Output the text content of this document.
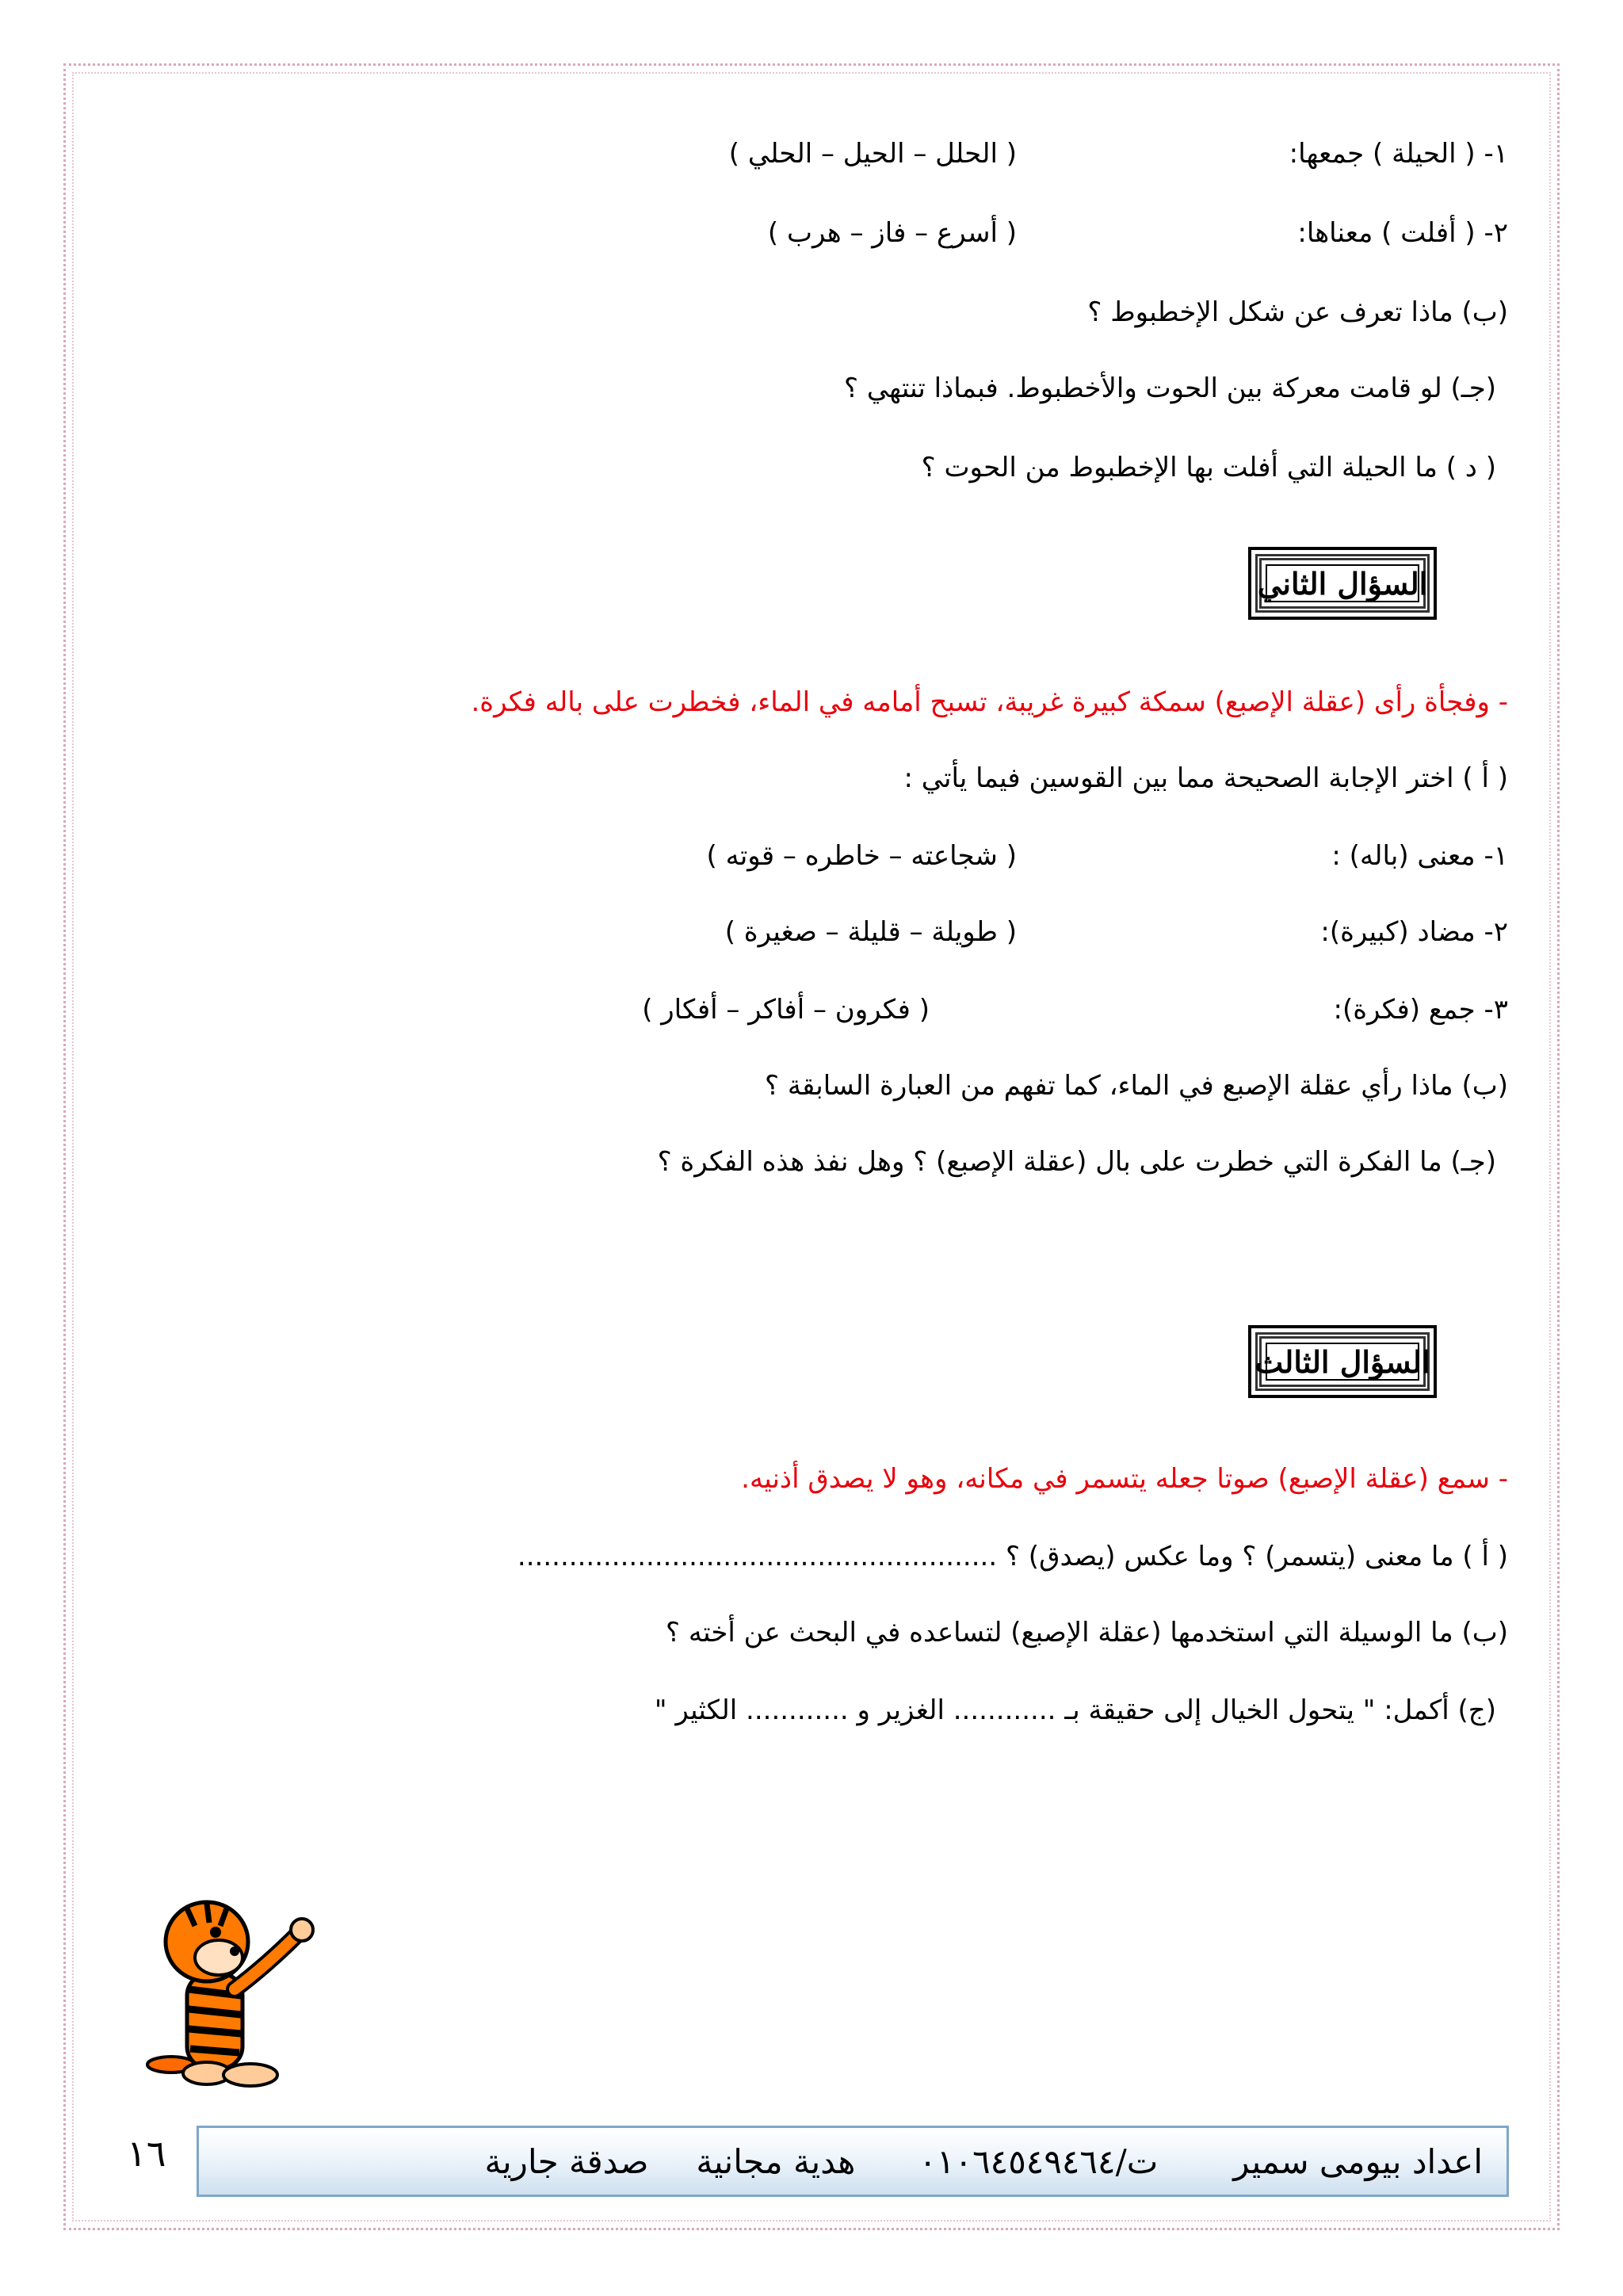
١- ( الحيلة ) جمعها:
( الحلل – الحيل – الحلي )
٢- ( أفلت ) معناها:
( أسرع – فاز – هرب )
(ب) ماذا تعرف عن شكل الإخطبوط ؟
(جـ) لو قامت معركة بين الحوت والأخطبوط. فبماذا تنتهي ؟
( د ) ما الحيلة التي أفلت بها الإخطبوط من الحوت ؟
السؤال الثاني
- وفجأة رأى (عقلة الإصبع) سمكة كبيرة غريبة، تسبح أمامه في الماء، فخطرت على باله فكرة.
( أ ) اختر الإجابة الصحيحة مما بين القوسين فيما يأتي :
١- معنى (باله) :
( شجاعته – خاطره – قوته )
٢- مضاد (كبيرة):
( طويلة – قليلة – صغيرة )
٣- جمع (فكرة):
( فكرون – أفاكر – أفكار )
(ب) ماذا رأي عقلة الإصبع في الماء، كما تفهم من العبارة السابقة ؟
(جـ) ما الفكرة التي خطرت على بال (عقلة الإصبع) ؟ وهل نفذ هذه الفكرة ؟
السؤال الثالث
- سمع (عقلة الإصبع) صوتا جعله يتسمر في مكانه، وهو لا يصدق أذنيه.
( أ ) ما معنى (يتسمر) ؟ وما عكس (يصدق) ؟ ........................................................
(ب) ما الوسيلة التي استخدمها (عقلة الإصبع) لتساعده في البحث عن أخته ؟
(ج) أكمل: " يتحول الخيال إلى حقيقة بـ ............ الغزير و ............ الكثير "
اعداد بيومى سمير
ت/٠١٠٦٤٥٤٩٤٦٤
هدية مجانية
صدقة جارية
١٦
